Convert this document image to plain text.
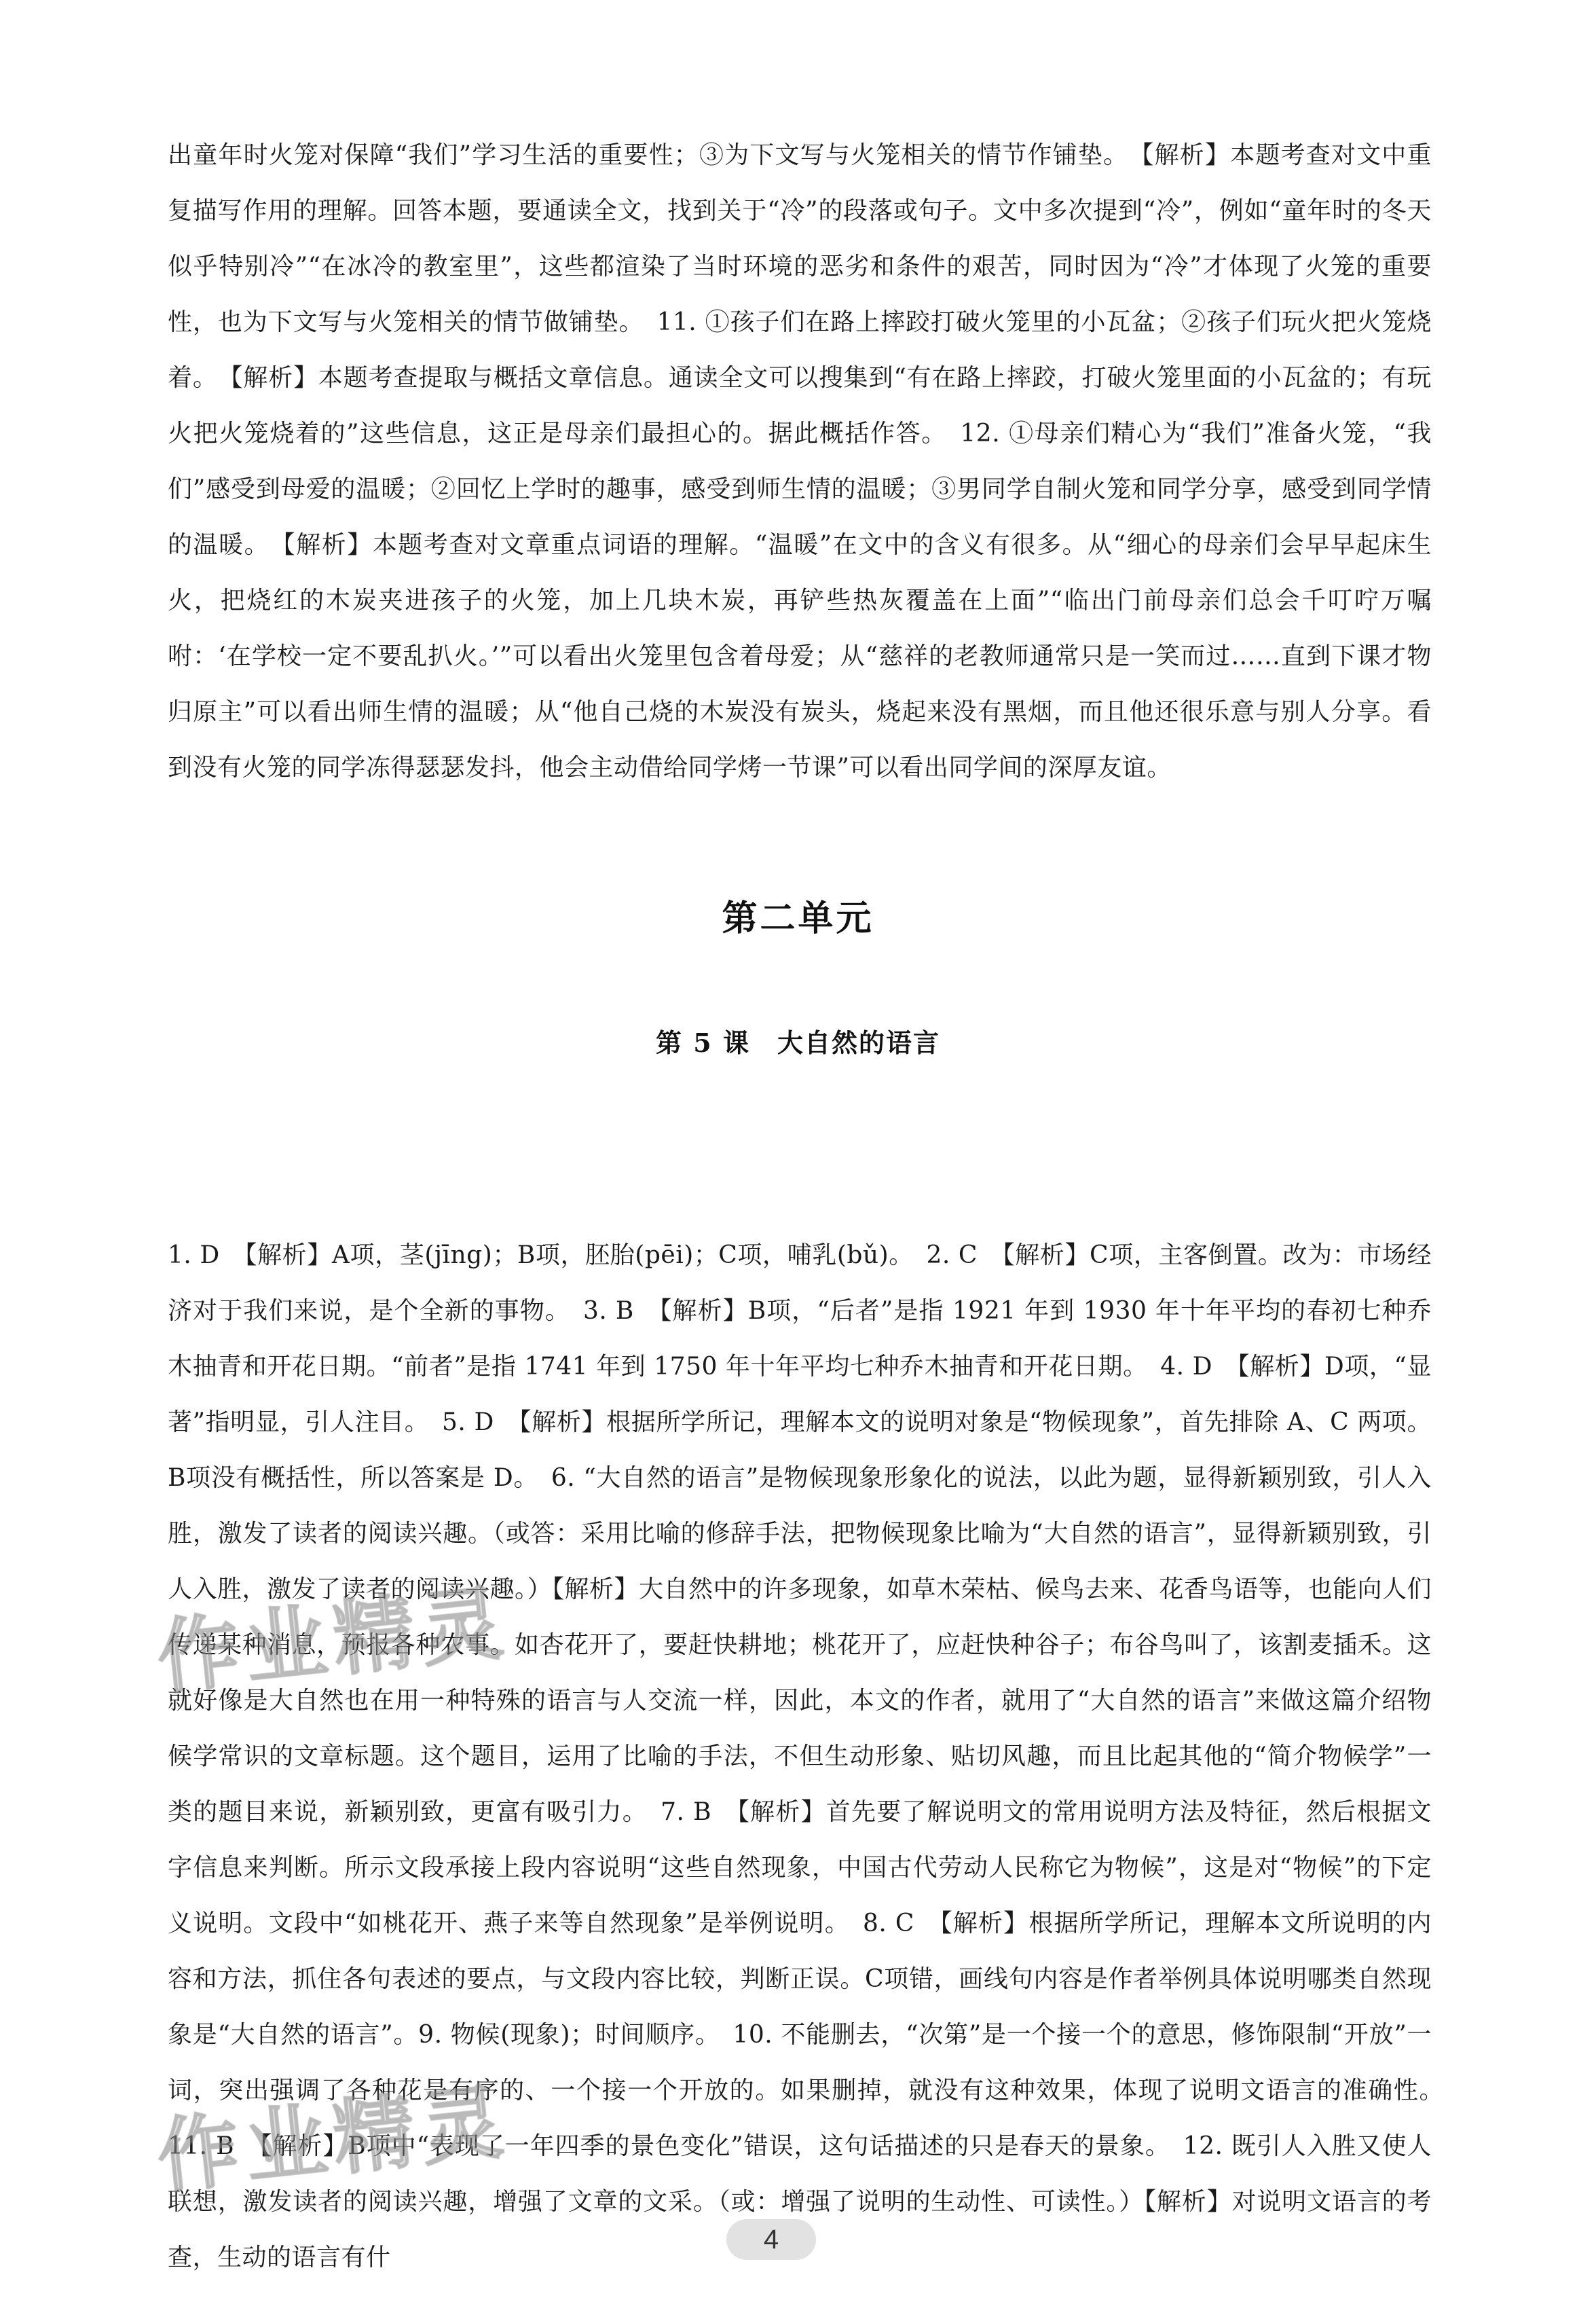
出童年时火笼对保障“我们”学习生活的重要性；③为下文写与火笼相关的情节作铺垫。　【解析】本题考查对文中重复描写作用的理解。回答本题，要通读全文，找到关于“冷”的段落或句子。文中多次提到“冷”，例如“童年时的冬天似乎特别冷”“在冰冷的教室里”，这些都渲染了当时环境的恶劣和条件的艰苦，同时因为“冷”才体现了火笼的重要性，也为下文写与火笼相关的情节做铺垫。　11. ①孩子们在路上摔跤打破火笼里的小瓦盆；②孩子们玩火把火笼烧着。　【解析】本题考查提取与概括文章信息。通读全文可以搜集到“有在路上摔跤，打破火笼里面的小瓦盆的；有玩火把火笼烧着的”这些信息，这正是母亲们最担心的。据此概括作答。　12. ①母亲们精心为“我们”准备火笼，“我们”感受到母爱的温暖；②回忆上学时的趣事，感受到师生情的温暖；③男同学自制火笼和同学分享，感受到同学情的温暖。　【解析】本题考查对文章重点词语的理解。“温暖”在文中的含义有很多。从“细心的母亲们会早早起床生火，把烧红的木炭夹进孩子的火笼，加上几块木炭，再铲些热灰覆盖在上面”“临出门前母亲们总会千叮咛万嘱咐：‘在学校一定不要乱扒火。’”可以看出火笼里包含着母爱；从“慈祥的老教师通常只是一笑而过……直到下课才物归原主”可以看出师生情的温暖；从“他自己烧的木炭没有炭头，烧起来没有黑烟，而且他还很乐意与别人分享。看到没有火笼的同学冻得瑟瑟发抖，他会主动借给同学烤一节课”可以看出同学间的深厚友谊。

第二单元
第 5 课　大自然的语言

1. D　【解析】A项，茎(jīng)；B项，胚胎(pēi)；C项，哺乳(bǔ)。　2. C　【解析】C项，主客倒置。改为：市场经济对于我们来说，是个全新的事物。　3. B　【解析】B项，“后者”是指 1921 年到 1930 年十年平均的春初七种乔木抽青和开花日期。“前者”是指 1741 年到 1750 年十年平均七种乔木抽青和开花日期。　4. D　【解析】D项，“显著”指明显，引人注目。　5. D　【解析】根据所学所记，理解本文的说明对象是“物候现象”，首先排除 A、C 两项。B项没有概括性，所以答案是 D。　6. “大自然的语言”是物候现象形象化的说法，以此为题，显得新颖别致，引人入胜，激发了读者的阅读兴趣。（或答：采用比喻的修辞手法，把物候现象比喻为“大自然的语言”，显得新颖别致，引人入胜，激发了读者的阅读兴趣。）【解析】大自然中的许多现象，如草木荣枯、候鸟去来、花香鸟语等，也能向人们传递某种消息，预报各种农事。如杏花开了，要赶快耕地；桃花开了，应赶快种谷子；布谷鸟叫了，该割麦插禾。这就好像是大自然也在用一种特殊的语言与人交流一样，因此，本文的作者，就用了“大自然的语言”来做这篇介绍物候学常识的文章标题。这个题目，运用了比喻的手法，不但生动形象、贴切风趣，而且比起其他的“简介物候学”一类的题目来说，新颖别致，更富有吸引力。　7. B　【解析】首先要了解说明文的常用说明方法及特征，然后根据文字信息来判断。所示文段承接上段内容说明“这些自然现象，中国古代劳动人民称它为物候”，这是对“物候”的下定义说明。文段中“如桃花开、燕子来等自然现象”是举例说明。　8. C　【解析】根据所学所记，理解本文所说明的内容和方法，抓住各句表述的要点，与文段内容比较，判断正误。C项错，画线句内容是作者举例具体说明哪类自然现象是“大自然的语言”。9. 物候(现象)；时间顺序。　10. 不能删去，“次第”是一个接一个的意思，修饰限制“开放”一词，突出强调了各种花是有序的、一个接一个开放的。如果删掉，就没有这种效果，体现了说明文语言的准确性。　11. B　【解析】B项中“表现了一年四季的景色变化”错误，这句话描述的只是春天的景象。　12. 既引人入胜又使人联想，激发读者的阅读兴趣，增强了文章的文采。（或：增强了说明的生动性、可读性。）【解析】对说明文语言的考查，生动的语言有什

作业精灵
作业精灵
4
